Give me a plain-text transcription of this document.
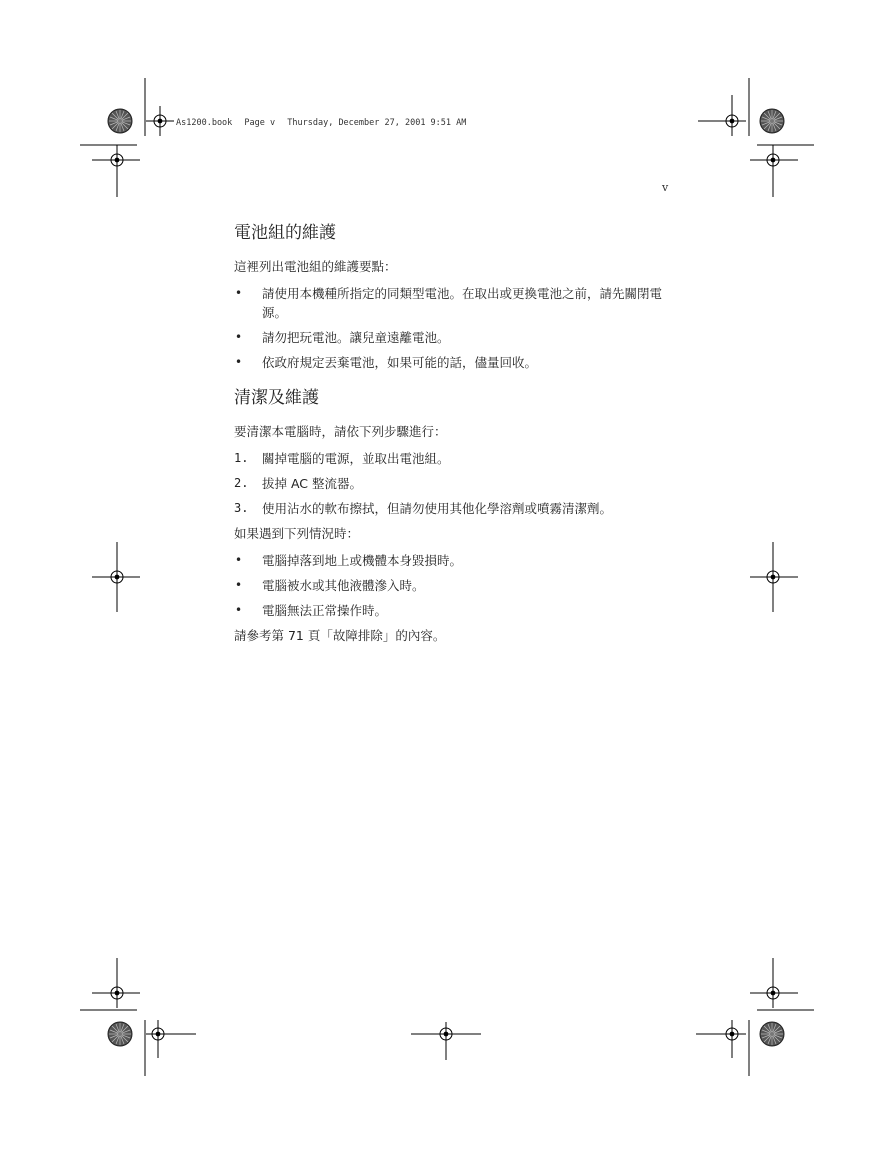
As1200.book Page v Thursday, December 27, 2001 9:51 AM
v
電池組的維護

這裡列出電池組的維護要點：

• 請使用本機種所指定的同類型電池。在取出或更換電池之前，請先關閉電源。
• 請勿把玩電池。讓兒童遠離電池。
• 依政府規定丟棄電池，如果可能的話，儘量回收。
清潔及維護

要清潔本電腦時，請依下列步驟進行：

1. 關掉電腦的電源，並取出電池組。
2. 拔掉 AC 整流器。
3. 使用沾水的軟布擦拭，但請勿使用其他化學溶劑或噴霧清潔劑。

如果遇到下列情況時：

• 電腦掉落到地上或機體本身毀損時。
• 電腦被水或其他液體滲入時。
• 電腦無法正常操作時。

請參考第 71 頁「故障排除」的內容。
